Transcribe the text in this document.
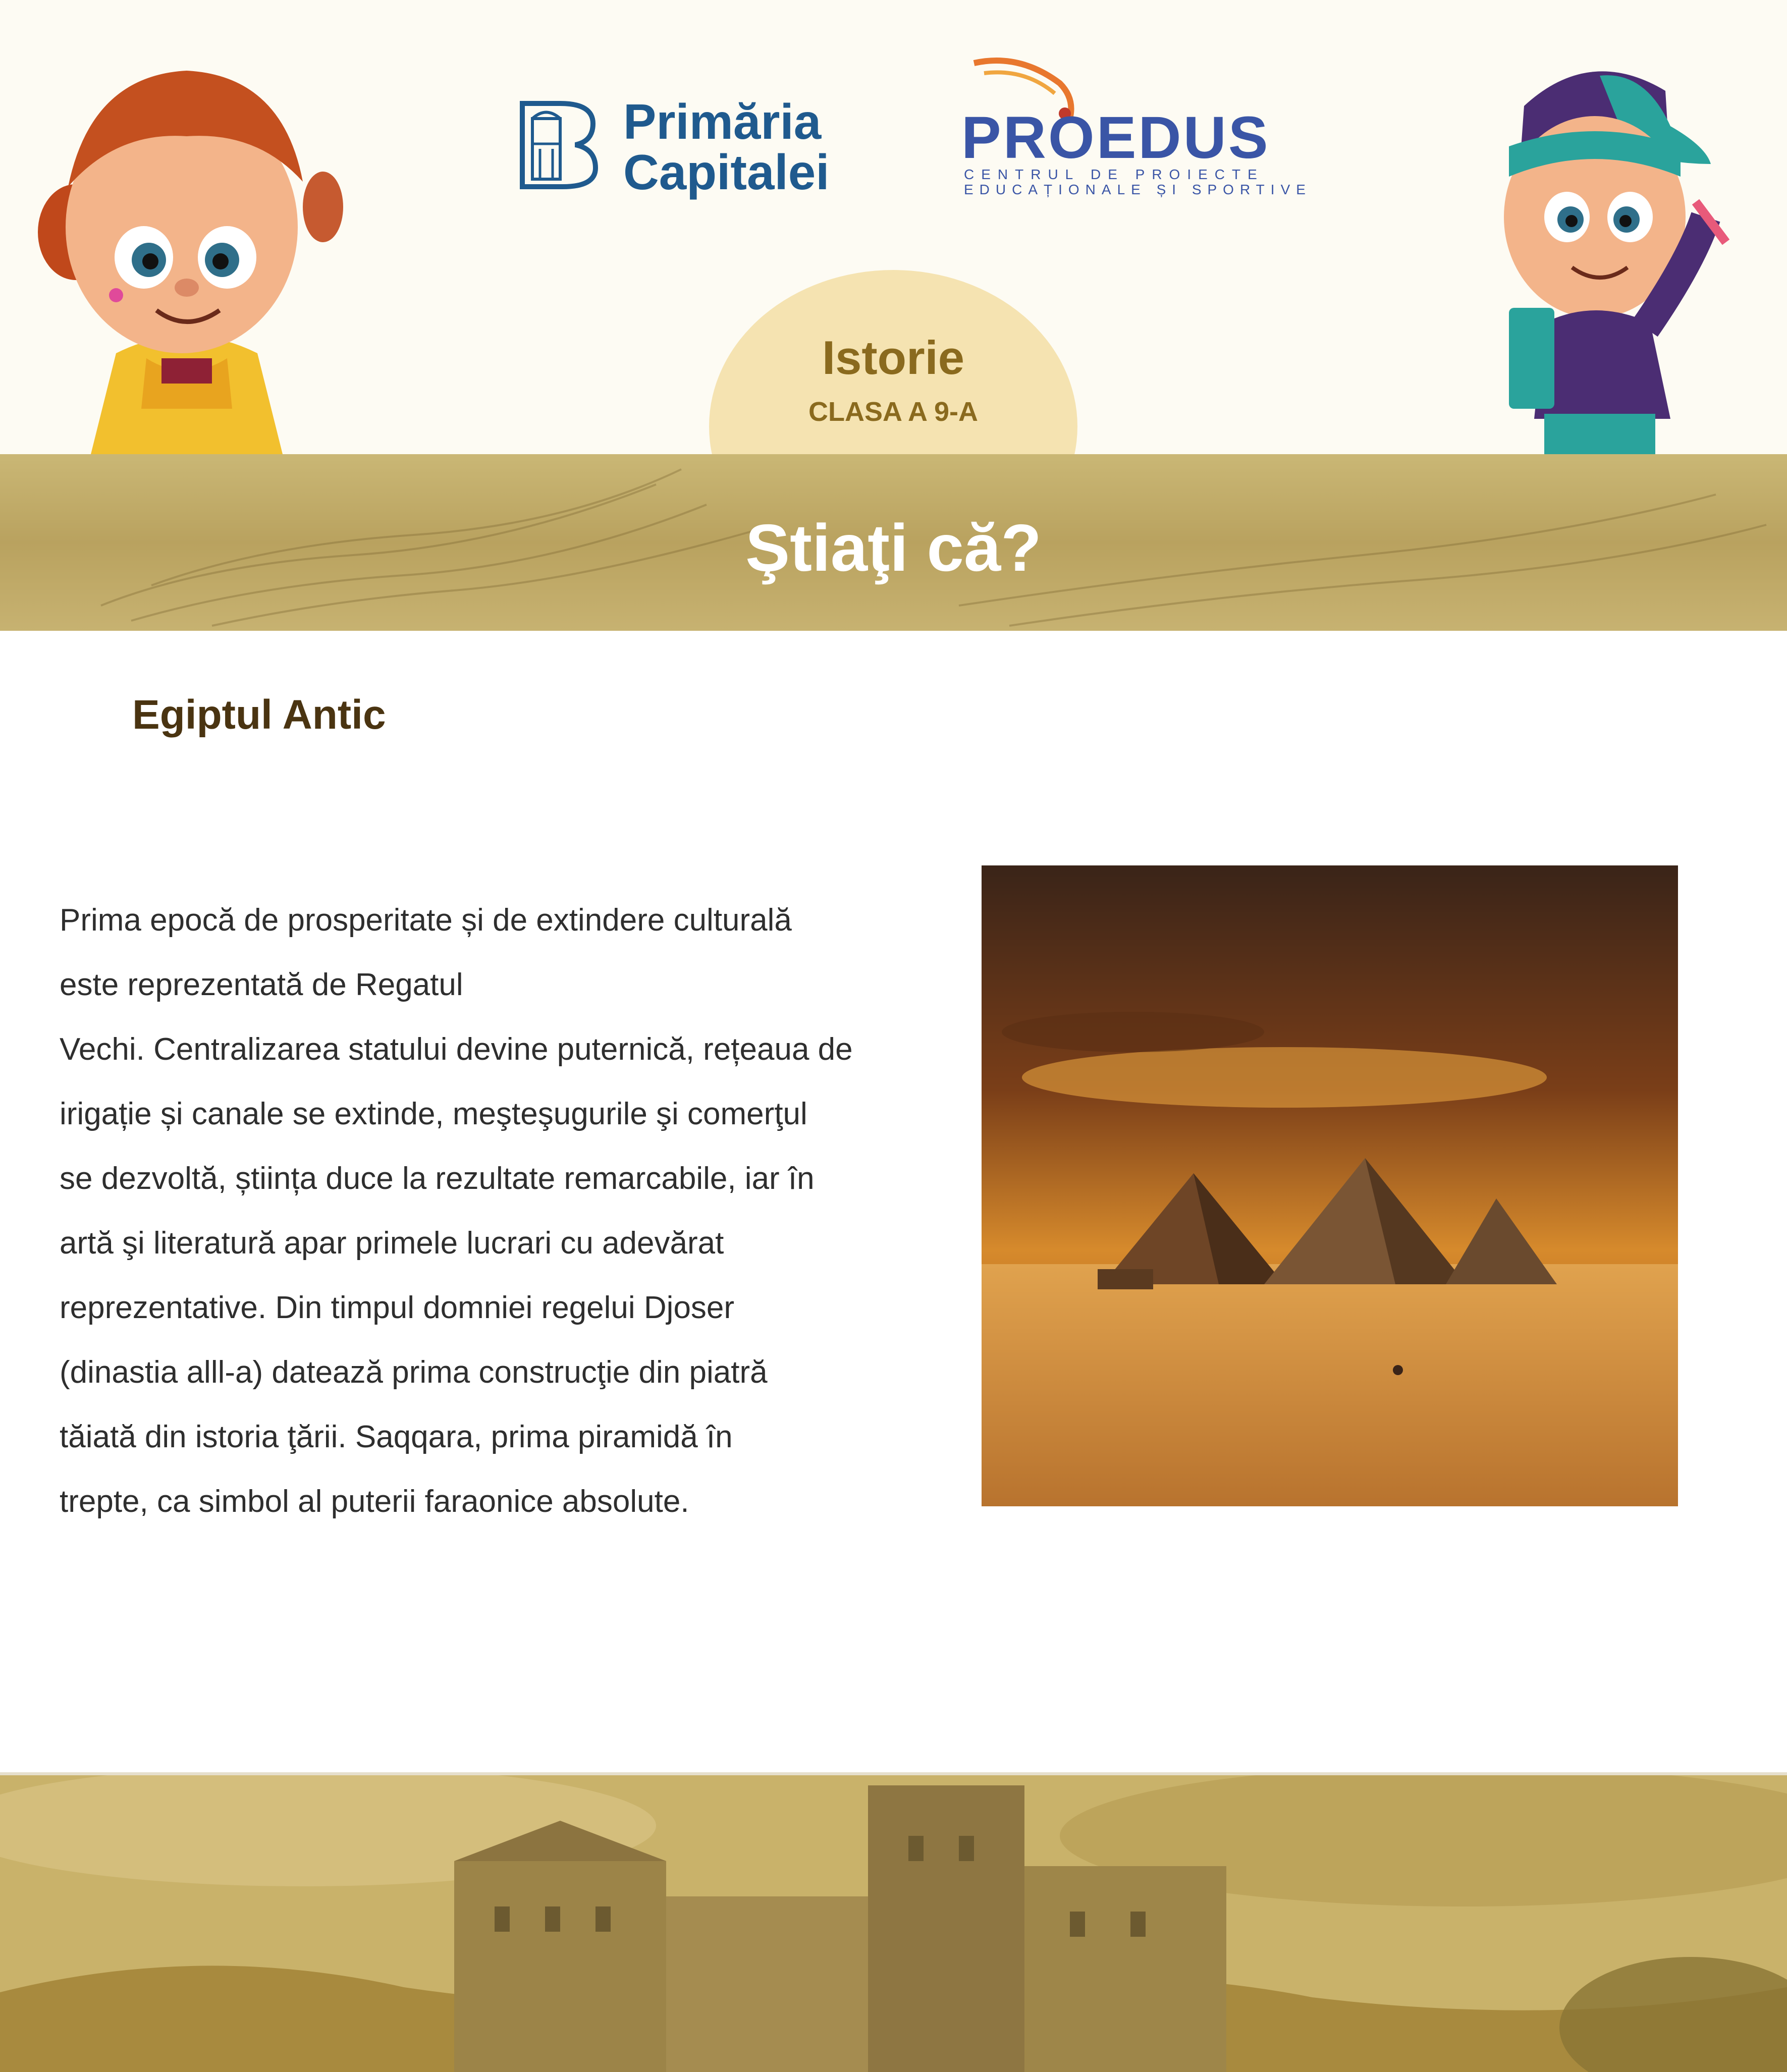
Primăria
Capitalei
PROEDUS
CENTRUL DE PROIECTE
EDUCAȚIONALE ȘI SPORTIVE
Istorie
CLASA A 9-A
Ştiaţi că?
Egiptul Antic
Prima epocă de prosperitate și de extindere culturală
este reprezentată de Regatul
Vechi. Centralizarea statului devine puternică, rețeaua de
irigație și canale se extinde, meşteşugurile şi comerţul
se dezvoltă, știința duce la rezultate remarcabile, iar în
artă şi literatură apar primele lucrari cu adevărat
reprezentative. Din timpul domniei regelui Djoser
(dinastia alll-a) datează prima construcţie din piatră
tăiată din istoria ţării. Saqqara, prima piramidă în
trepte, ca simbol al puterii faraonice absolute.
